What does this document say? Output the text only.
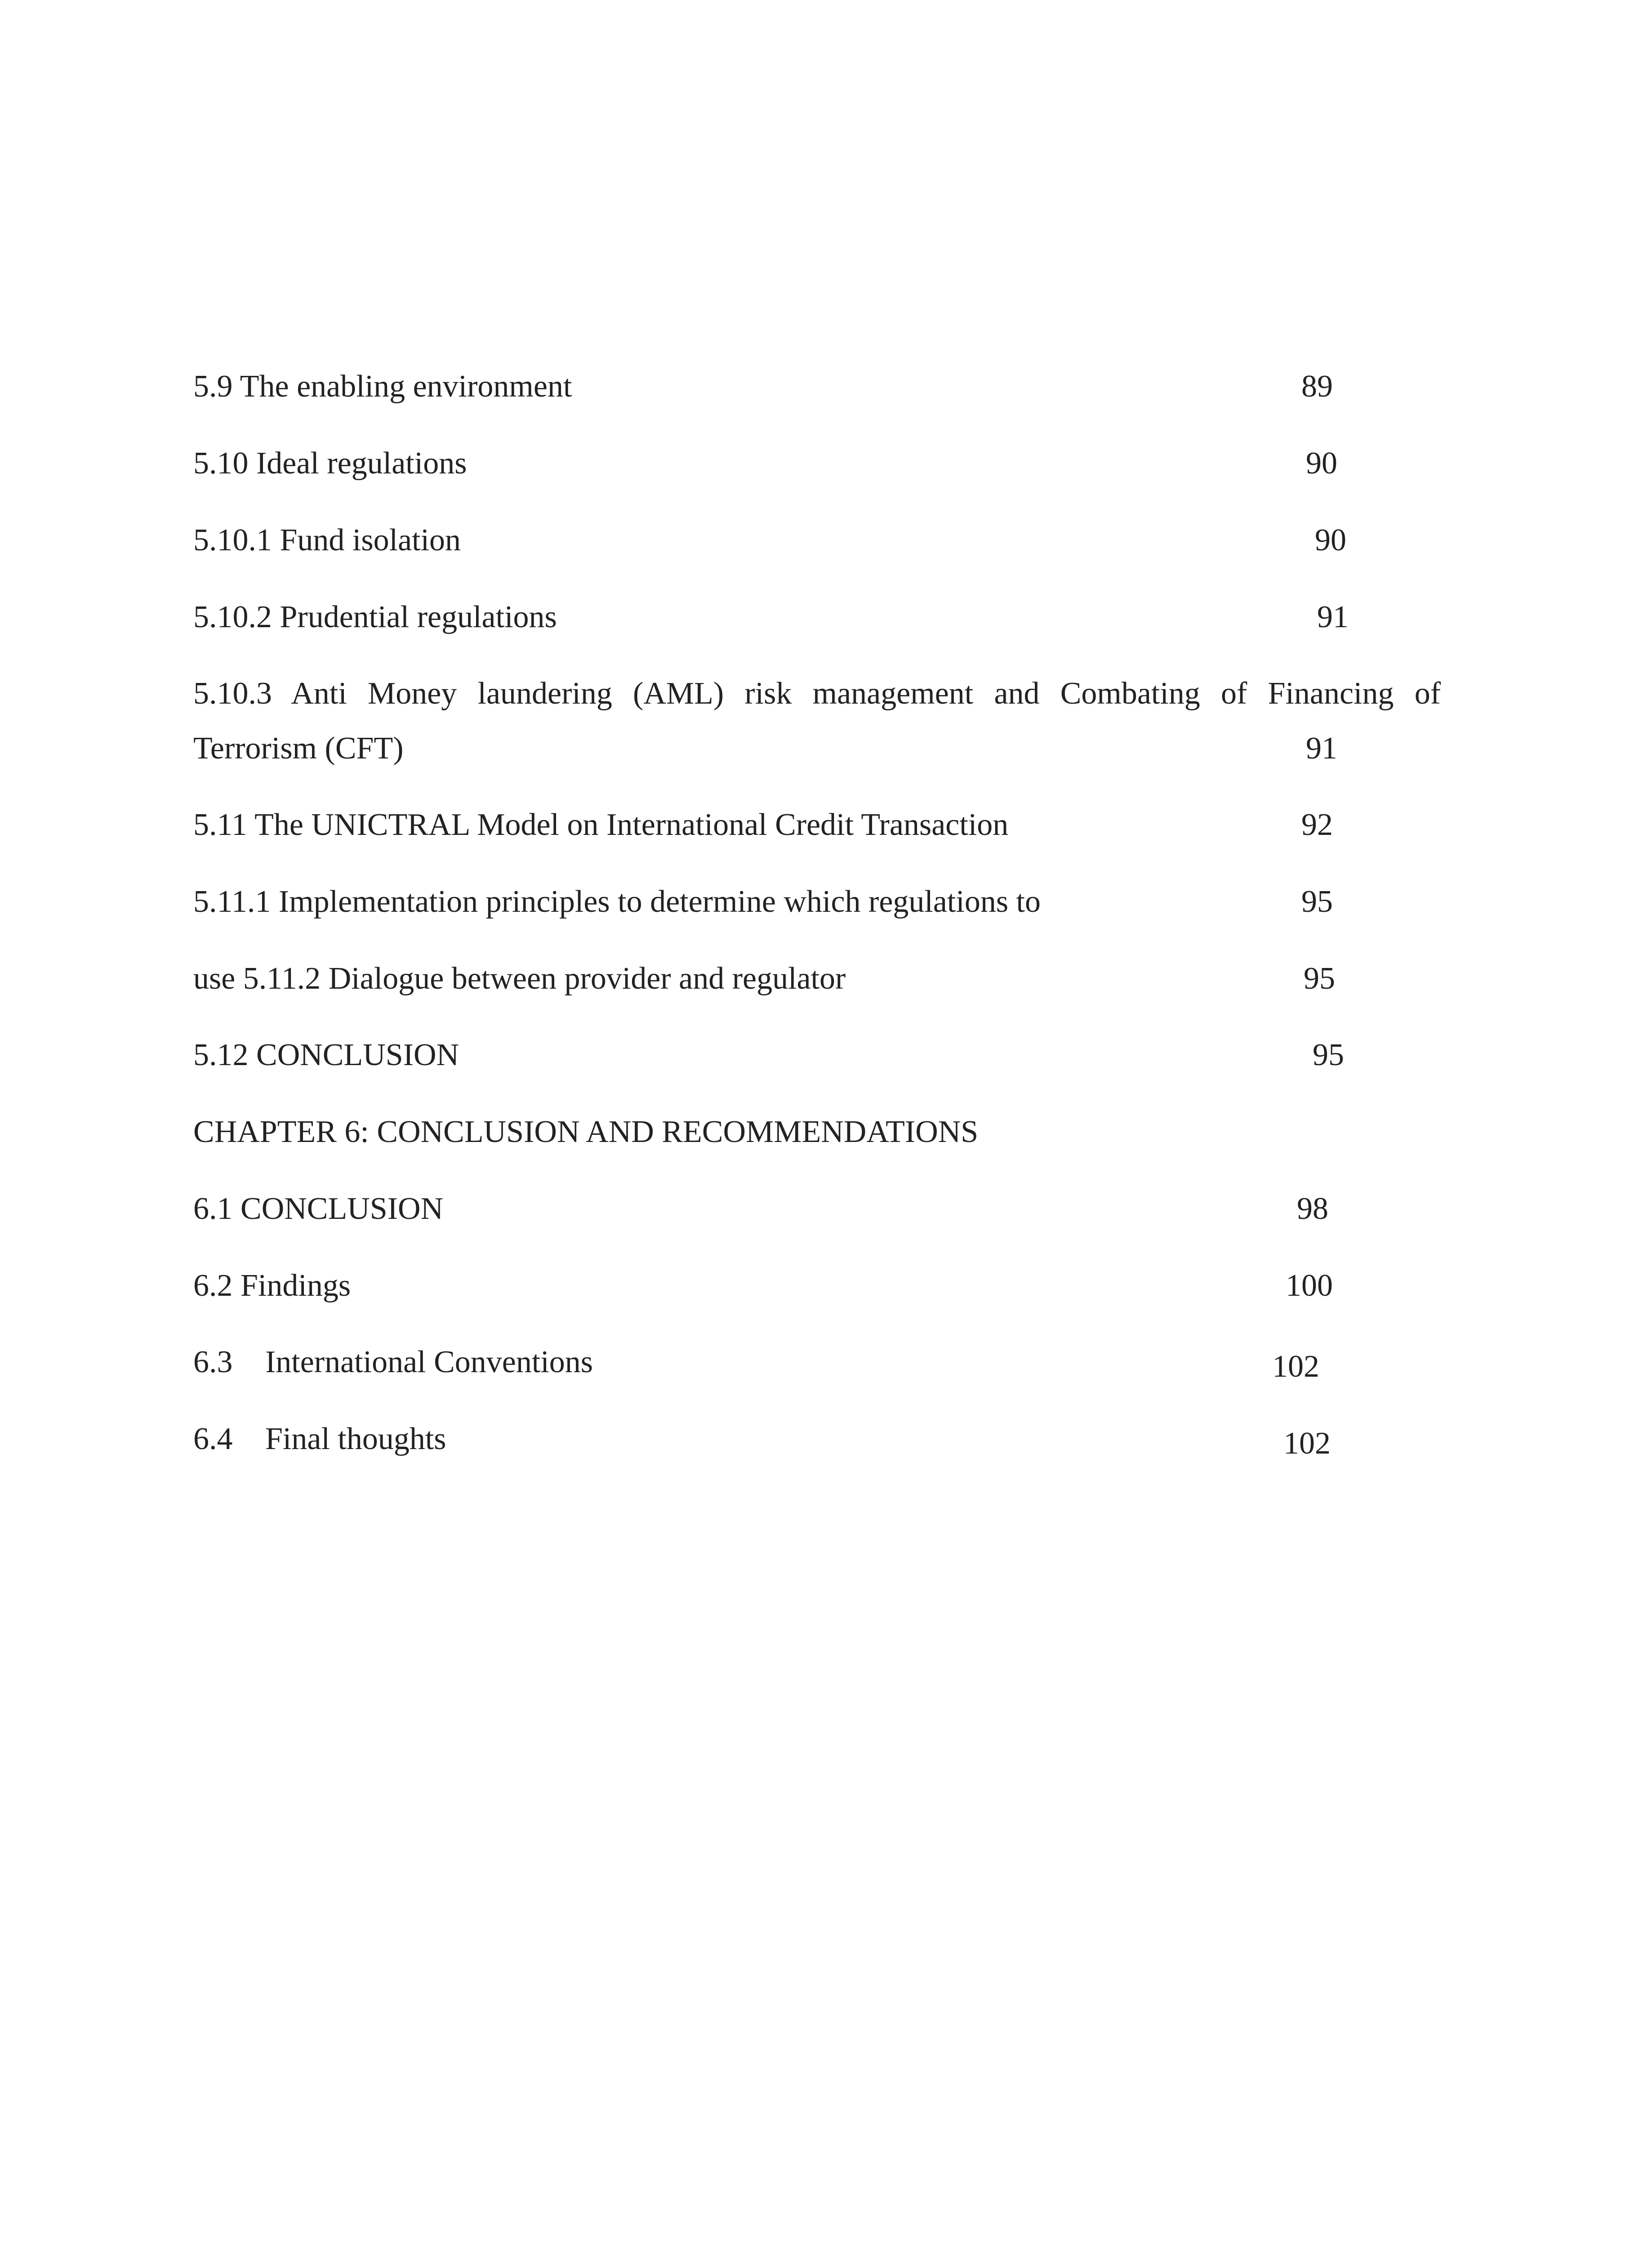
5.9 The enabling environment	89
5.10 Ideal regulations	90
5.10.1 Fund isolation	90
5.10.2 Prudential regulations	91
5.10.3 Anti Money laundering (AML) risk management and Combating of Financing of
Terrorism (CFT)	91
5.11 The UNICTRAL Model on International Credit Transaction	92
5.11.1 Implementation principles to determine which regulations to	95
use 5.11.2 Dialogue between provider and regulator	95
5.12 CONCLUSION	95
CHAPTER 6: CONCLUSION AND RECOMMENDATIONS
6.1 CONCLUSION	98
6.2 Findings	100
6.3 International Conventions	102
6.4 Final thoughts	102
